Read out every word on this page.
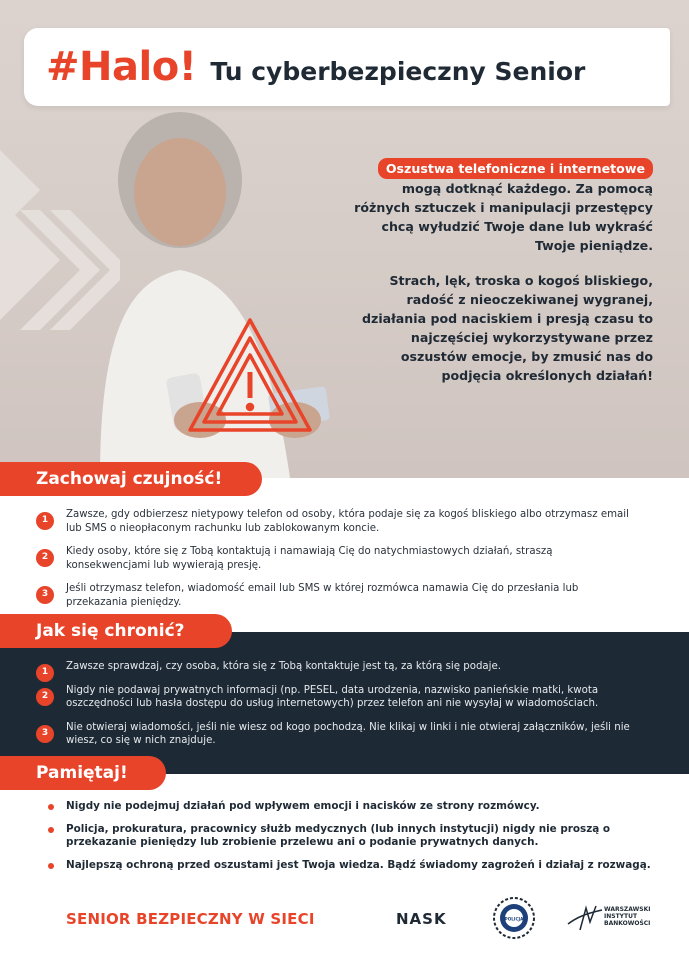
#Halo! Tu cyberbezpieczny Senior

Oszustwa telefoniczne i internetowe
mogą dotknąć każdego. Za pomocą różnych sztuczek i manipulacji przestępcy chcą wyłudzić Twoje dane lub wykraść Twoje pieniądze.

Strach, lęk, troska o kogoś bliskiego, radość z nieoczekiwanej wygranej, działania pod naciskiem i presją czasu to najczęściej wykorzystywane przez oszustów emocje, by zmusić nas do podjęcia określonych działań!

Zachowaj czujność!
1
Zawsze, gdy odbierzesz nietypowy telefon od osoby, która podaje się za kogoś bliskiego albo otrzymasz email lub SMS o nieopłaconym rachunku lub zablokowanym koncie.
2
Kiedy osoby, które się z Tobą kontaktują i namawiają Cię do natychmiastowych działań, straszą konsekwencjami lub wywierają presję.
3
Jeśli otrzymasz telefon, wiadomość email lub SMS w której rozmówca namawia Cię do przesłania lub przekazania pieniędzy.
Jak się chronić?
1
Zawsze sprawdzaj, czy osoba, która się z Tobą kontaktuje jest tą, za którą się podaje.
2
Nigdy nie podawaj prywatnych informacji (np. PESEL, data urodzenia, nazwisko panieńskie matki, kwota oszczędności lub hasła dostępu do usług internetowych) przez telefon ani nie wysyłaj w wiadomościach.
3
Nie otwieraj wiadomości, jeśli nie wiesz od kogo pochodzą. Nie klikaj w linki i nie otwieraj załączników, jeśli nie wiesz, co się w nich znajduje.
Pamiętaj!
Nigdy nie podejmuj działań pod wpływem emocji i nacisków ze strony rozmówcy.
Policja, prokuratura, pracownicy służb medycznych (lub innych instytucji) nigdy nie proszą o przekazanie pieniędzy lub zrobienie przelewu ani o podanie prywatnych danych.
Najlepszą ochroną przed oszustami jest Twoja wiedza. Bądź świadomy zagrożeń i działaj z rozwagą.
SENIOR BEZPIECZNY W SIECI	NASK	POLICJA
WARSZAWSKI
INSTYTUT
BANKOWOŚCI
